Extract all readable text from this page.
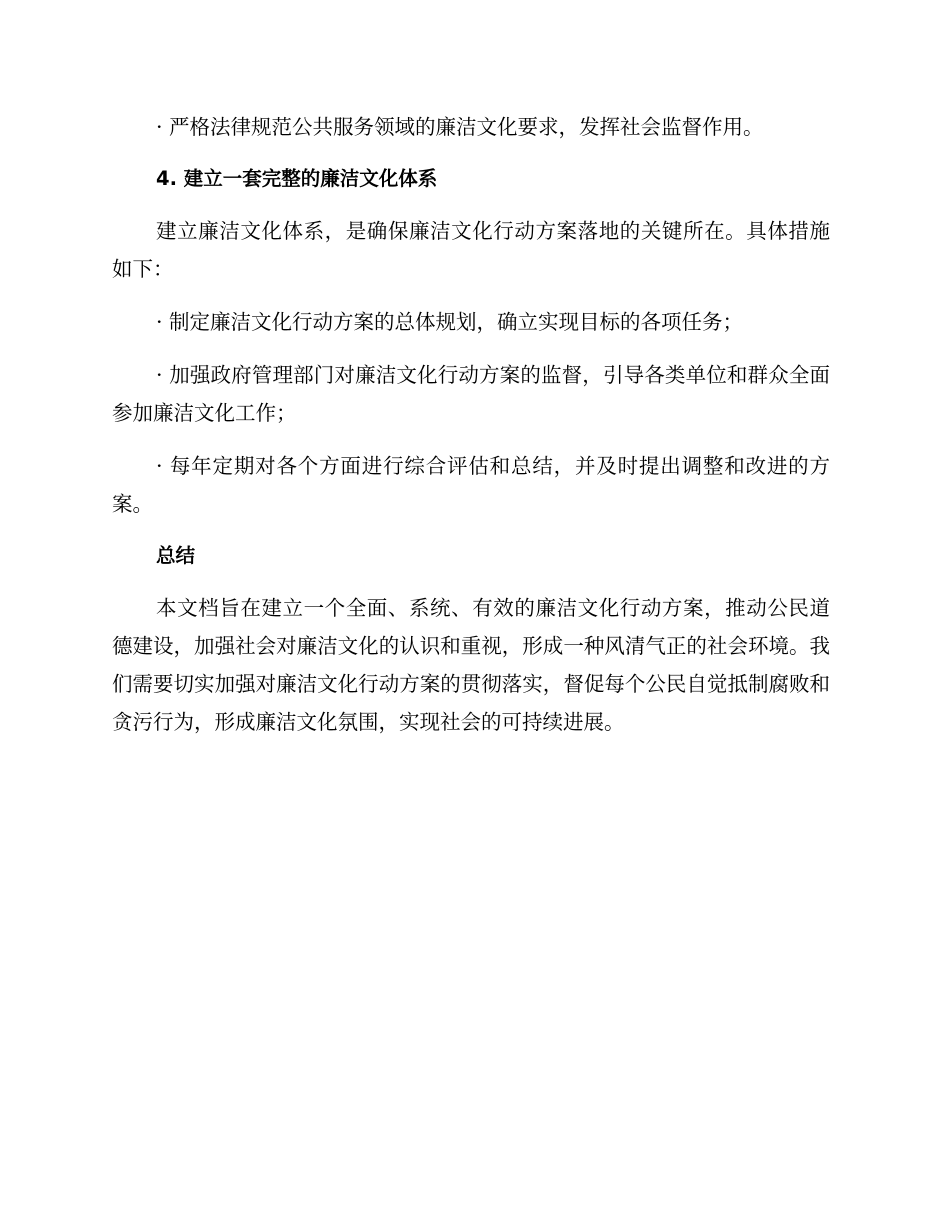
· 严格法律规范公共服务领域的廉洁文化要求，发挥社会监督作用。

4. 建立一套完整的廉洁文化体系

建立廉洁文化体系，是确保廉洁文化行动方案落地的关键所在。具体措施如下：

· 制定廉洁文化行动方案的总体规划，确立实现目标的各项任务；

· 加强政府管理部门对廉洁文化行动方案的监督，引导各类单位和群众全面参加廉洁文化工作；

· 每年定期对各个方面进行综合评估和总结，并及时提出调整和改进的方案。

总结

本文档旨在建立一个全面、系统、有效的廉洁文化行动方案，推动公民道德建设，加强社会对廉洁文化的认识和重视，形成一种风清气正的社会环境。我们需要切实加强对廉洁文化行动方案的贯彻落实，督促每个公民自觉抵制腐败和贪污行为，形成廉洁文化氛围，实现社会的可持续进展。
